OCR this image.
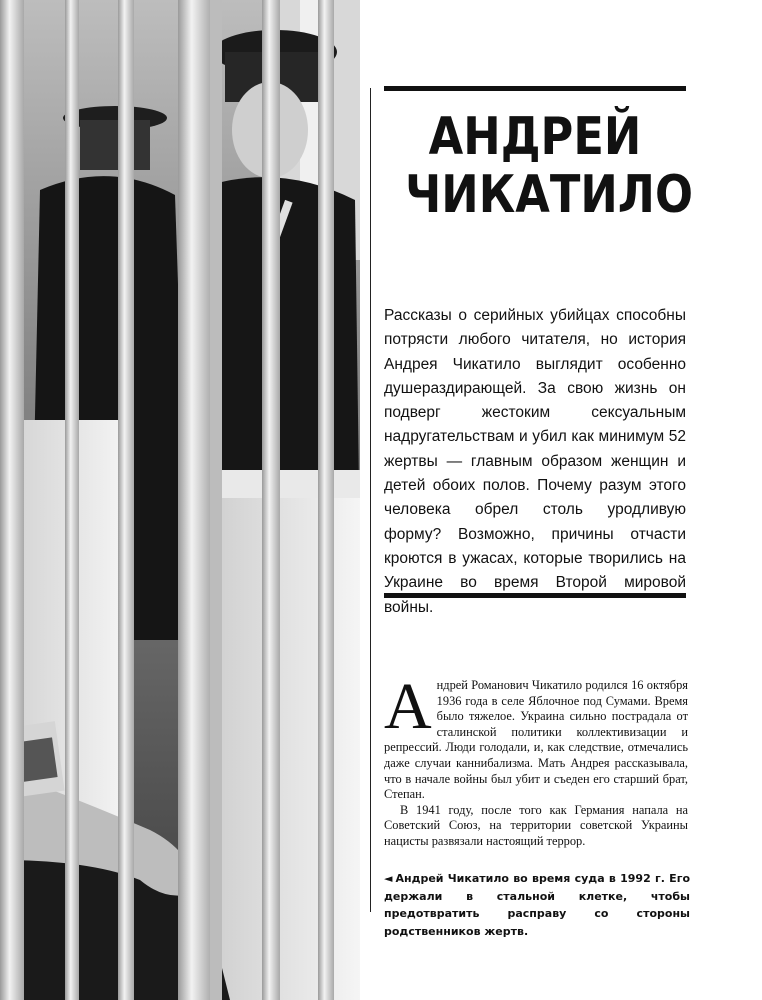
АНДРЕЙ
ЧИКАТИЛО

Рассказы о серийных убийцах способны потрясти любого читателя, но история Андрея Чикатило выглядит особенно душераздирающей. За свою жизнь он подверг жестоким сексуальным надругательствам и убил как минимум 52 жертвы — главным образом женщин и детей обоих полов. Почему разум этого человека обрел столь уродливую форму? Возможно, причины отчасти кроются в ужасах, которые творились на Украине во время Второй мировой войны.

А ндрей Романович Чикатило родился 16 октября 1936 года в селе Яблочное под Сумами. Время было тяжелое. Украина сильно пострадала от сталинской политики коллективизации и репрессий. Люди голодали, и, как следствие, отмечались даже случаи каннибализма. Мать Андрея рассказывала, что в начале войны был убит и съеден его старший брат, Степан.

В 1941 году, после того как Германия напала на Советский Союз, на территории советской Украины нацисты развязали настоящий террор.

◄ Андрей Чикатило во время суда в 1992 г. Его держали в стальной клетке, чтобы предотвратить расправу со стороны родственников жертв.
